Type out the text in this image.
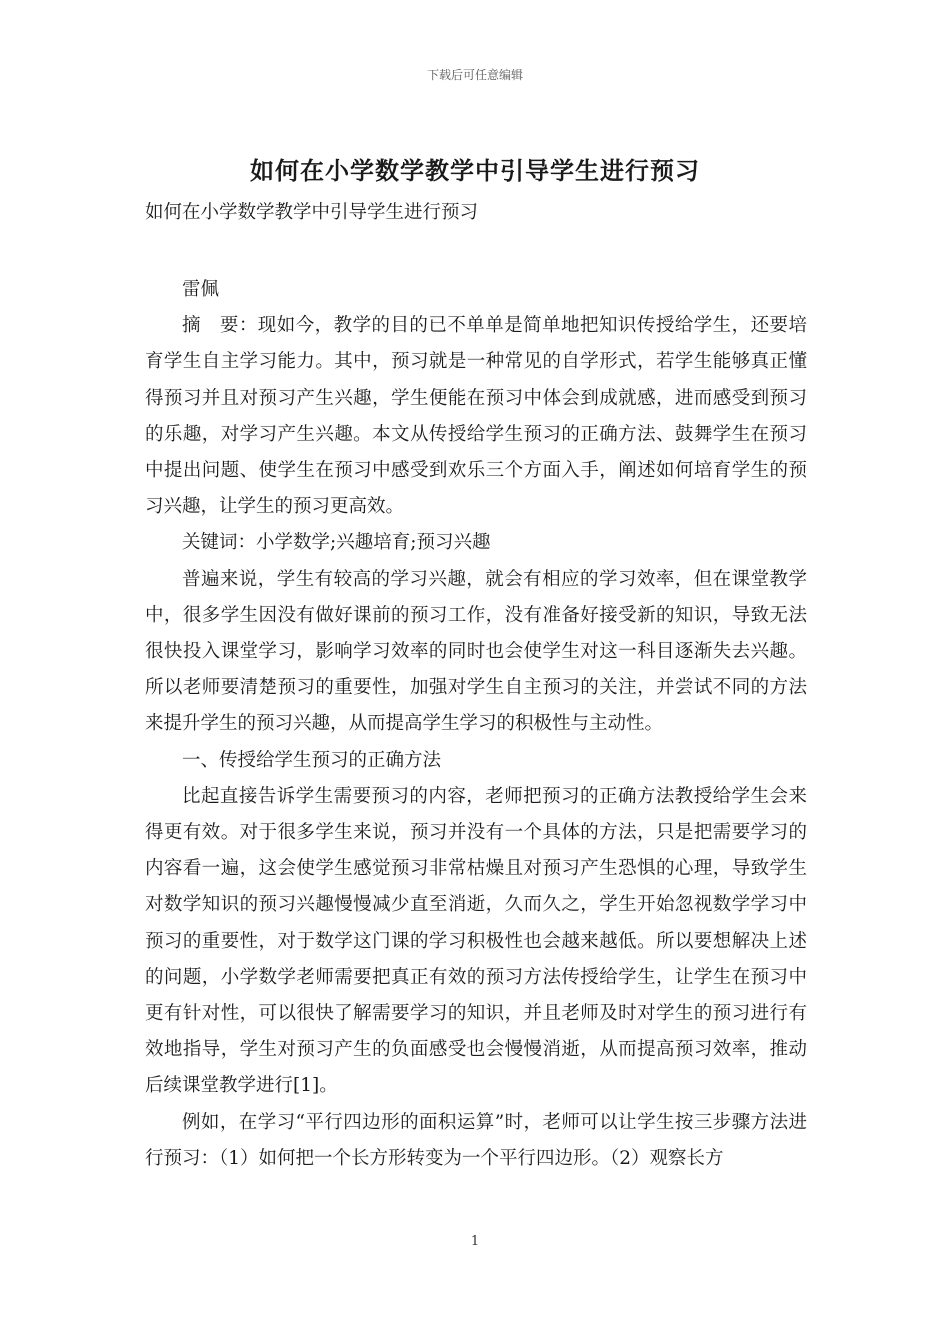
下载后可任意编辑
如何在小学数学教学中引导学生进行预习
如何在小学数学教学中引导学生进行预习

雷佩

摘　要：现如今，教学的目的已不单单是简单地把知识传授给学生，还要培育学生自主学习能力。其中，预习就是一种常见的自学形式，若学生能够真正懂得预习并且对预习产生兴趣，学生便能在预习中体会到成就感，进而感受到预习的乐趣，对学习产生兴趣。本文从传授给学生预习的正确方法、鼓舞学生在预习中提出问题、使学生在预习中感受到欢乐三个方面入手，阐述如何培育学生的预习兴趣，让学生的预习更高效。

关键词：小学数学;兴趣培育;预习兴趣

普遍来说，学生有较高的学习兴趣，就会有相应的学习效率，但在课堂教学中，很多学生因没有做好课前的预习工作，没有准备好接受新的知识，导致无法很快投入课堂学习，影响学习效率的同时也会使学生对这一科目逐渐失去兴趣。所以老师要清楚预习的重要性，加强对学生自主预习的关注，并尝试不同的方法来提升学生的预习兴趣，从而提高学生学习的积极性与主动性。

一、传授给学生预习的正确方法

比起直接告诉学生需要预习的内容，老师把预习的正确方法教授给学生会来得更有效。对于很多学生来说，预习并没有一个具体的方法，只是把需要学习的内容看一遍，这会使学生感觉预习非常枯燥且对预习产生恐惧的心理，导致学生对数学知识的预习兴趣慢慢减少直至消逝，久而久之，学生开始忽视数学学习中预习的重要性，对于数学这门课的学习积极性也会越来越低。所以要想解决上述的问题，小学数学老师需要把真正有效的预习方法传授给学生，让学生在预习中更有针对性，可以很快了解需要学习的知识，并且老师及时对学生的预习进行有效地指导，学生对预习产生的负面感受也会慢慢消逝，从而提高预习效率，推动后续课堂教学进行[1]。

例如，在学习“平行四边形的面积运算”时，老师可以让学生按三步骤方法进行预习：（1）如何把一个长方形转变为一个平行四边形。（2）观察长方

1
